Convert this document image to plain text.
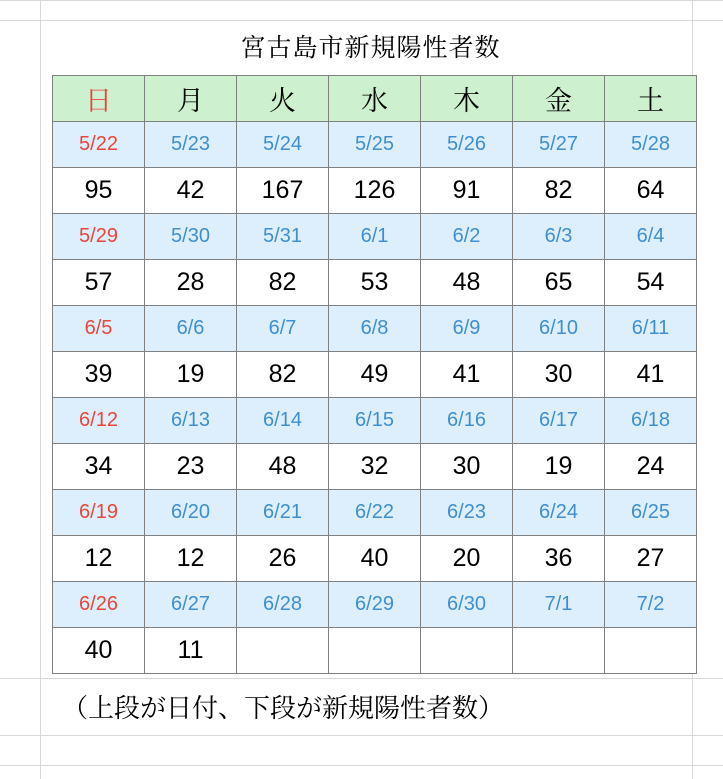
宮古島市新規陽性者数
日	月	火	水	木	金	土
5/22	5/23	5/24	5/25	5/26	5/27	5/28
95	42	167	126	91	82	64
5/29	5/30	5/31	6/1	6/2	6/3	6/4
57	28	82	53	48	65	54
6/5	6/6	6/7	6/8	6/9	6/10	6/11
39	19	82	49	41	30	41
6/12	6/13	6/14	6/15	6/16	6/17	6/18
34	23	48	32	30	19	24
6/19	6/20	6/21	6/22	6/23	6/24	6/25
12	12	26	40	20	36	27
6/26	6/27	6/28	6/29	6/30	7/1	7/2
40	11					
（上段が日付、下段が新規陽性者数）
